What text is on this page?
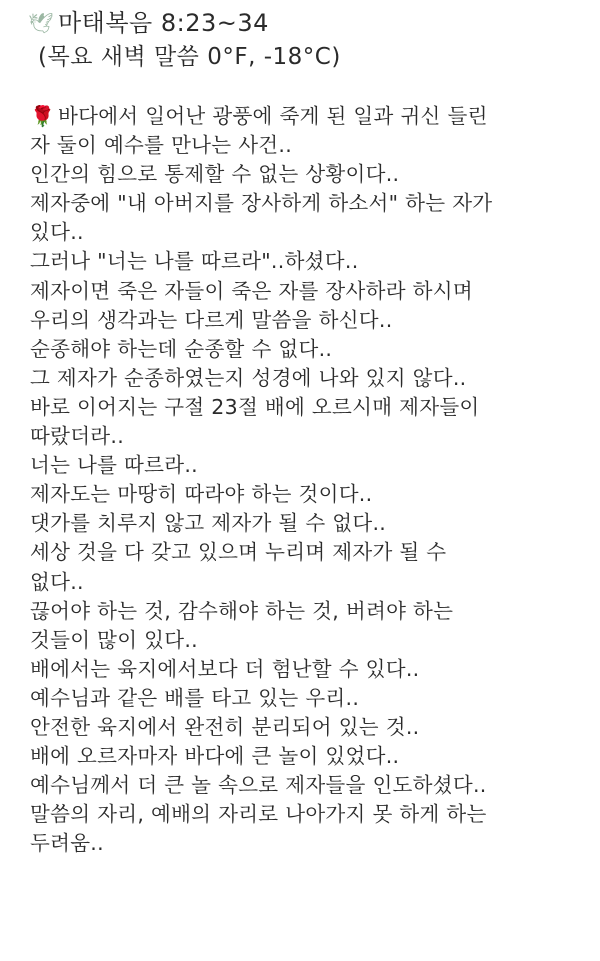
🕊 마태복음 8:23~34
(목요 새벽 말씀 0°F, -18°C)
🌹 바다에서 일어난 광풍에 죽게 된 일과 귀신 들린
자 둘이 예수를 만나는 사건..
인간의 힘으로 통제할 수 없는 상황이다..
제자중에 "내 아버지를 장사하게 하소서" 하는 자가
있다..
그러나 "너는 나를 따르라"..하셨다..
제자이면 죽은 자들이 죽은 자를 장사하라 하시며
우리의 생각과는 다르게 말씀을 하신다..
순종해야 하는데 순종할 수 없다..
그 제자가 순종하였는지 성경에 나와 있지 않다..
바로 이어지는 구절 23절 배에 오르시매 제자들이
따랐더라..
너는 나를 따르라..
제자도는 마땅히 따라야 하는 것이다..
댓가를 치루지 않고 제자가 될 수 없다..
세상 것을 다 갖고 있으며 누리며 제자가 될 수
없다..
끊어야 하는 것, 감수해야 하는 것, 버려야 하는
것들이 많이 있다..
배에서는 육지에서보다 더 험난할 수 있다..
예수님과 같은 배를 타고 있는 우리..
안전한 육지에서 완전히 분리되어 있는 것..
배에 오르자마자 바다에 큰 놀이 있었다..
예수님께서 더 큰 놀 속으로 제자들을 인도하셨다..
말씀의 자리, 예배의 자리로 나아가지 못 하게 하는
두려움..
